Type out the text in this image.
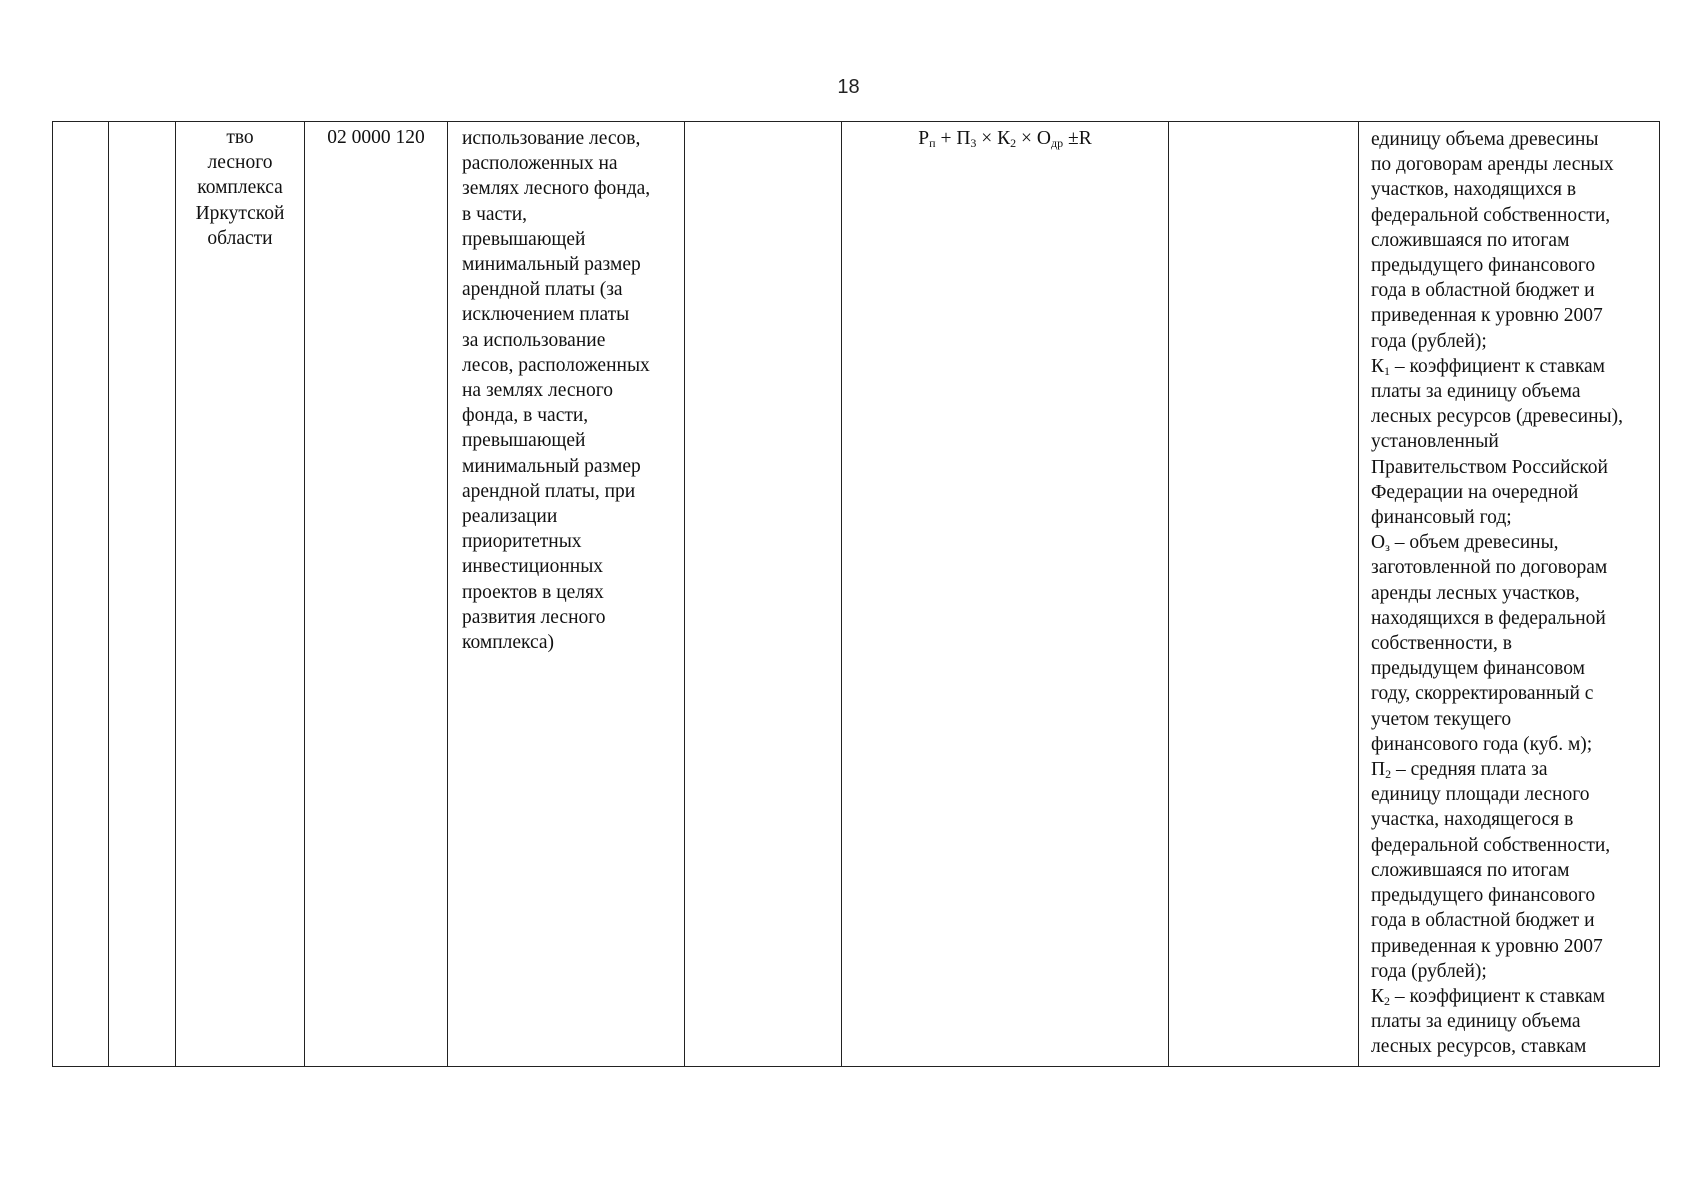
18
тво
лесного
комплекса
Иркутской
области
02 0000 120	использование лесов,
расположенных на
землях лесного фонда,
в части,
превышающей
минимальный размер
арендной платы (за
исключением платы
за использование
лесов, расположенных
на землях лесного
фонда, в части,
превышающей
минимальный размер
арендной платы, при
реализации
приоритетных
инвестиционных
проектов в целях
развития лесного
комплекса)
$Р_п + П_3 \times К_2 \times О_{др} \pm R$	единицу объема древесины
по договорам аренды лесных
участков, находящихся в
федеральной собственности,
сложившаяся по итогам
предыдущего финансового
года в областной бюджет и
приведенная к уровню 2007
года (рублей);
$К_1$ – коэффициент к ставкам
платы за единицу объема
лесных ресурсов (древесины),
установленный
Правительством Российской
Федерации на очередной
финансовый год;
$О_з$ – объем древесины,
заготовленной по договорам
аренды лесных участков,
находящихся в федеральной
собственности, в
предыдущем финансовом
году, скорректированный с
учетом текущего
финансового года (куб. м);
$П_2$ – средняя плата за
единицу площади лесного
участка, находящегося в
федеральной собственности,
сложившаяся по итогам
предыдущего финансового
года в областной бюджет и
приведенная к уровню 2007
года (рублей);
$К_2$ – коэффициент к ставкам
платы за единицу объема
лесных ресурсов, ставкам
